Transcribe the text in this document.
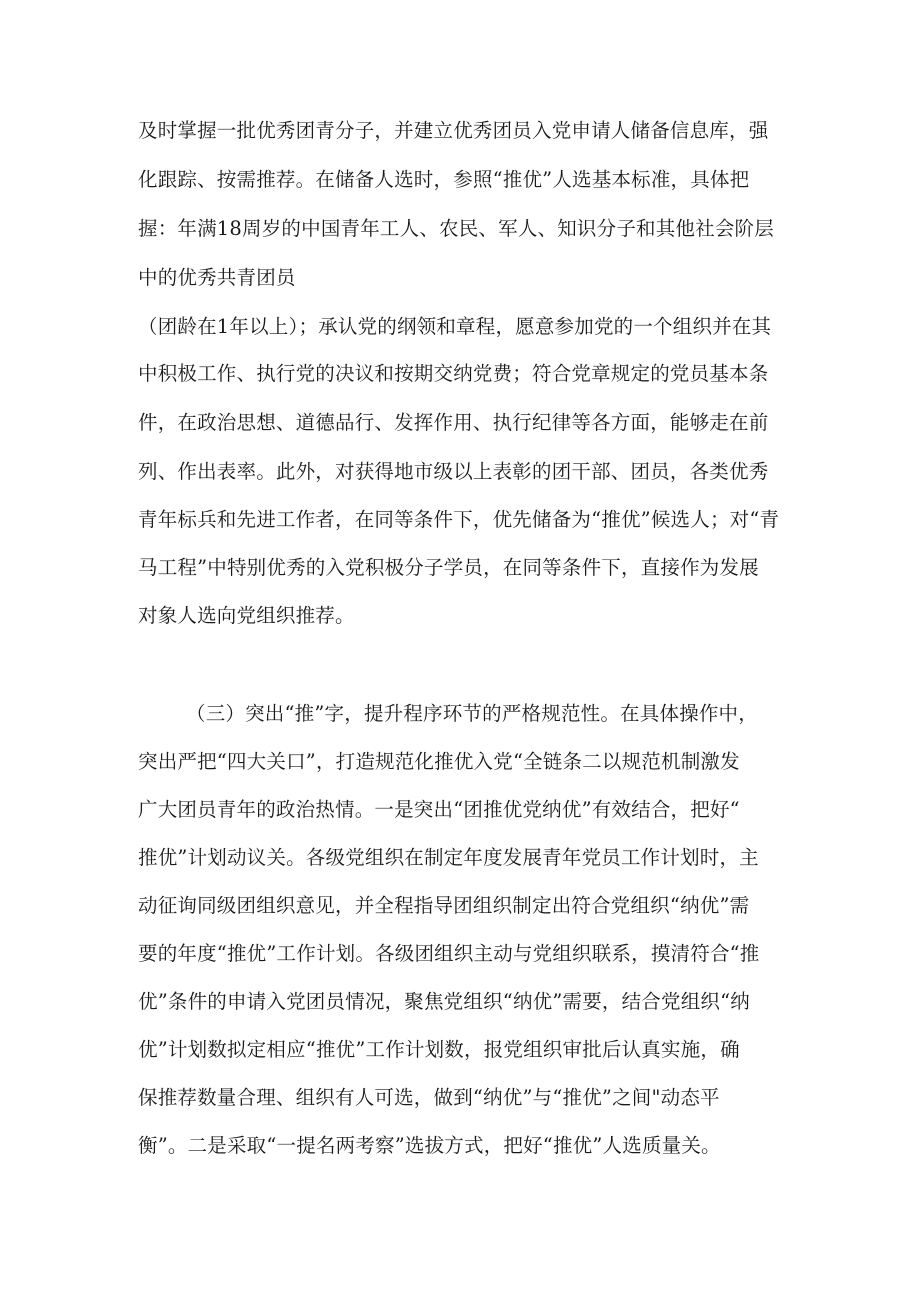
及时掌握一批优秀团青分子，并建立优秀团员入党申请人储备信息库，强
化跟踪、按需推荐。在储备人选时，参照“推优”人选基本标准，具体把
握：年满18周岁的中国青年工人、农民、军人、知识分子和其他社会阶层
中的优秀共青团员
（团龄在1年以上）；承认党的纲领和章程，愿意参加党的一个组织并在其
中积极工作、执行党的决议和按期交纳党费；符合党章规定的党员基本条
件，在政治思想、道德品行、发挥作用、执行纪律等各方面，能够走在前
列、作出表率。此外，对获得地市级以上表彰的团干部、团员，各类优秀
青年标兵和先进工作者，在同等条件下，优先储备为“推优”候选人；对“青
马工程”中特别优秀的入党积极分子学员，在同等条件下，直接作为发展
对象人选向党组织推荐。
（三）突出“推”字，提升程序环节的严格规范性。在具体操作中，
突出严把“四大关口”，打造规范化推优入党“全链条二以规范机制激发
广大团员青年的政治热情。一是突出“团推优党纳优”有效结合，把好“
推优”计划动议关。各级党组织在制定年度发展青年党员工作计划时，主
动征询同级团组织意见，并全程指导团组织制定出符合党组织“纳优”需
要的年度“推优”工作计划。各级团组织主动与党组织联系，摸清符合“推
优”条件的申请入党团员情况，聚焦党组织“纳优”需要，结合党组织“纳
优”计划数拟定相应“推优”工作计划数，报党组织审批后认真实施，确
保推荐数量合理、组织有人可选，做到“纳优”与“推优”之间"动态平
衡”。二是采取“一提名两考察”选拔方式，把好“推优”人选质量关。
